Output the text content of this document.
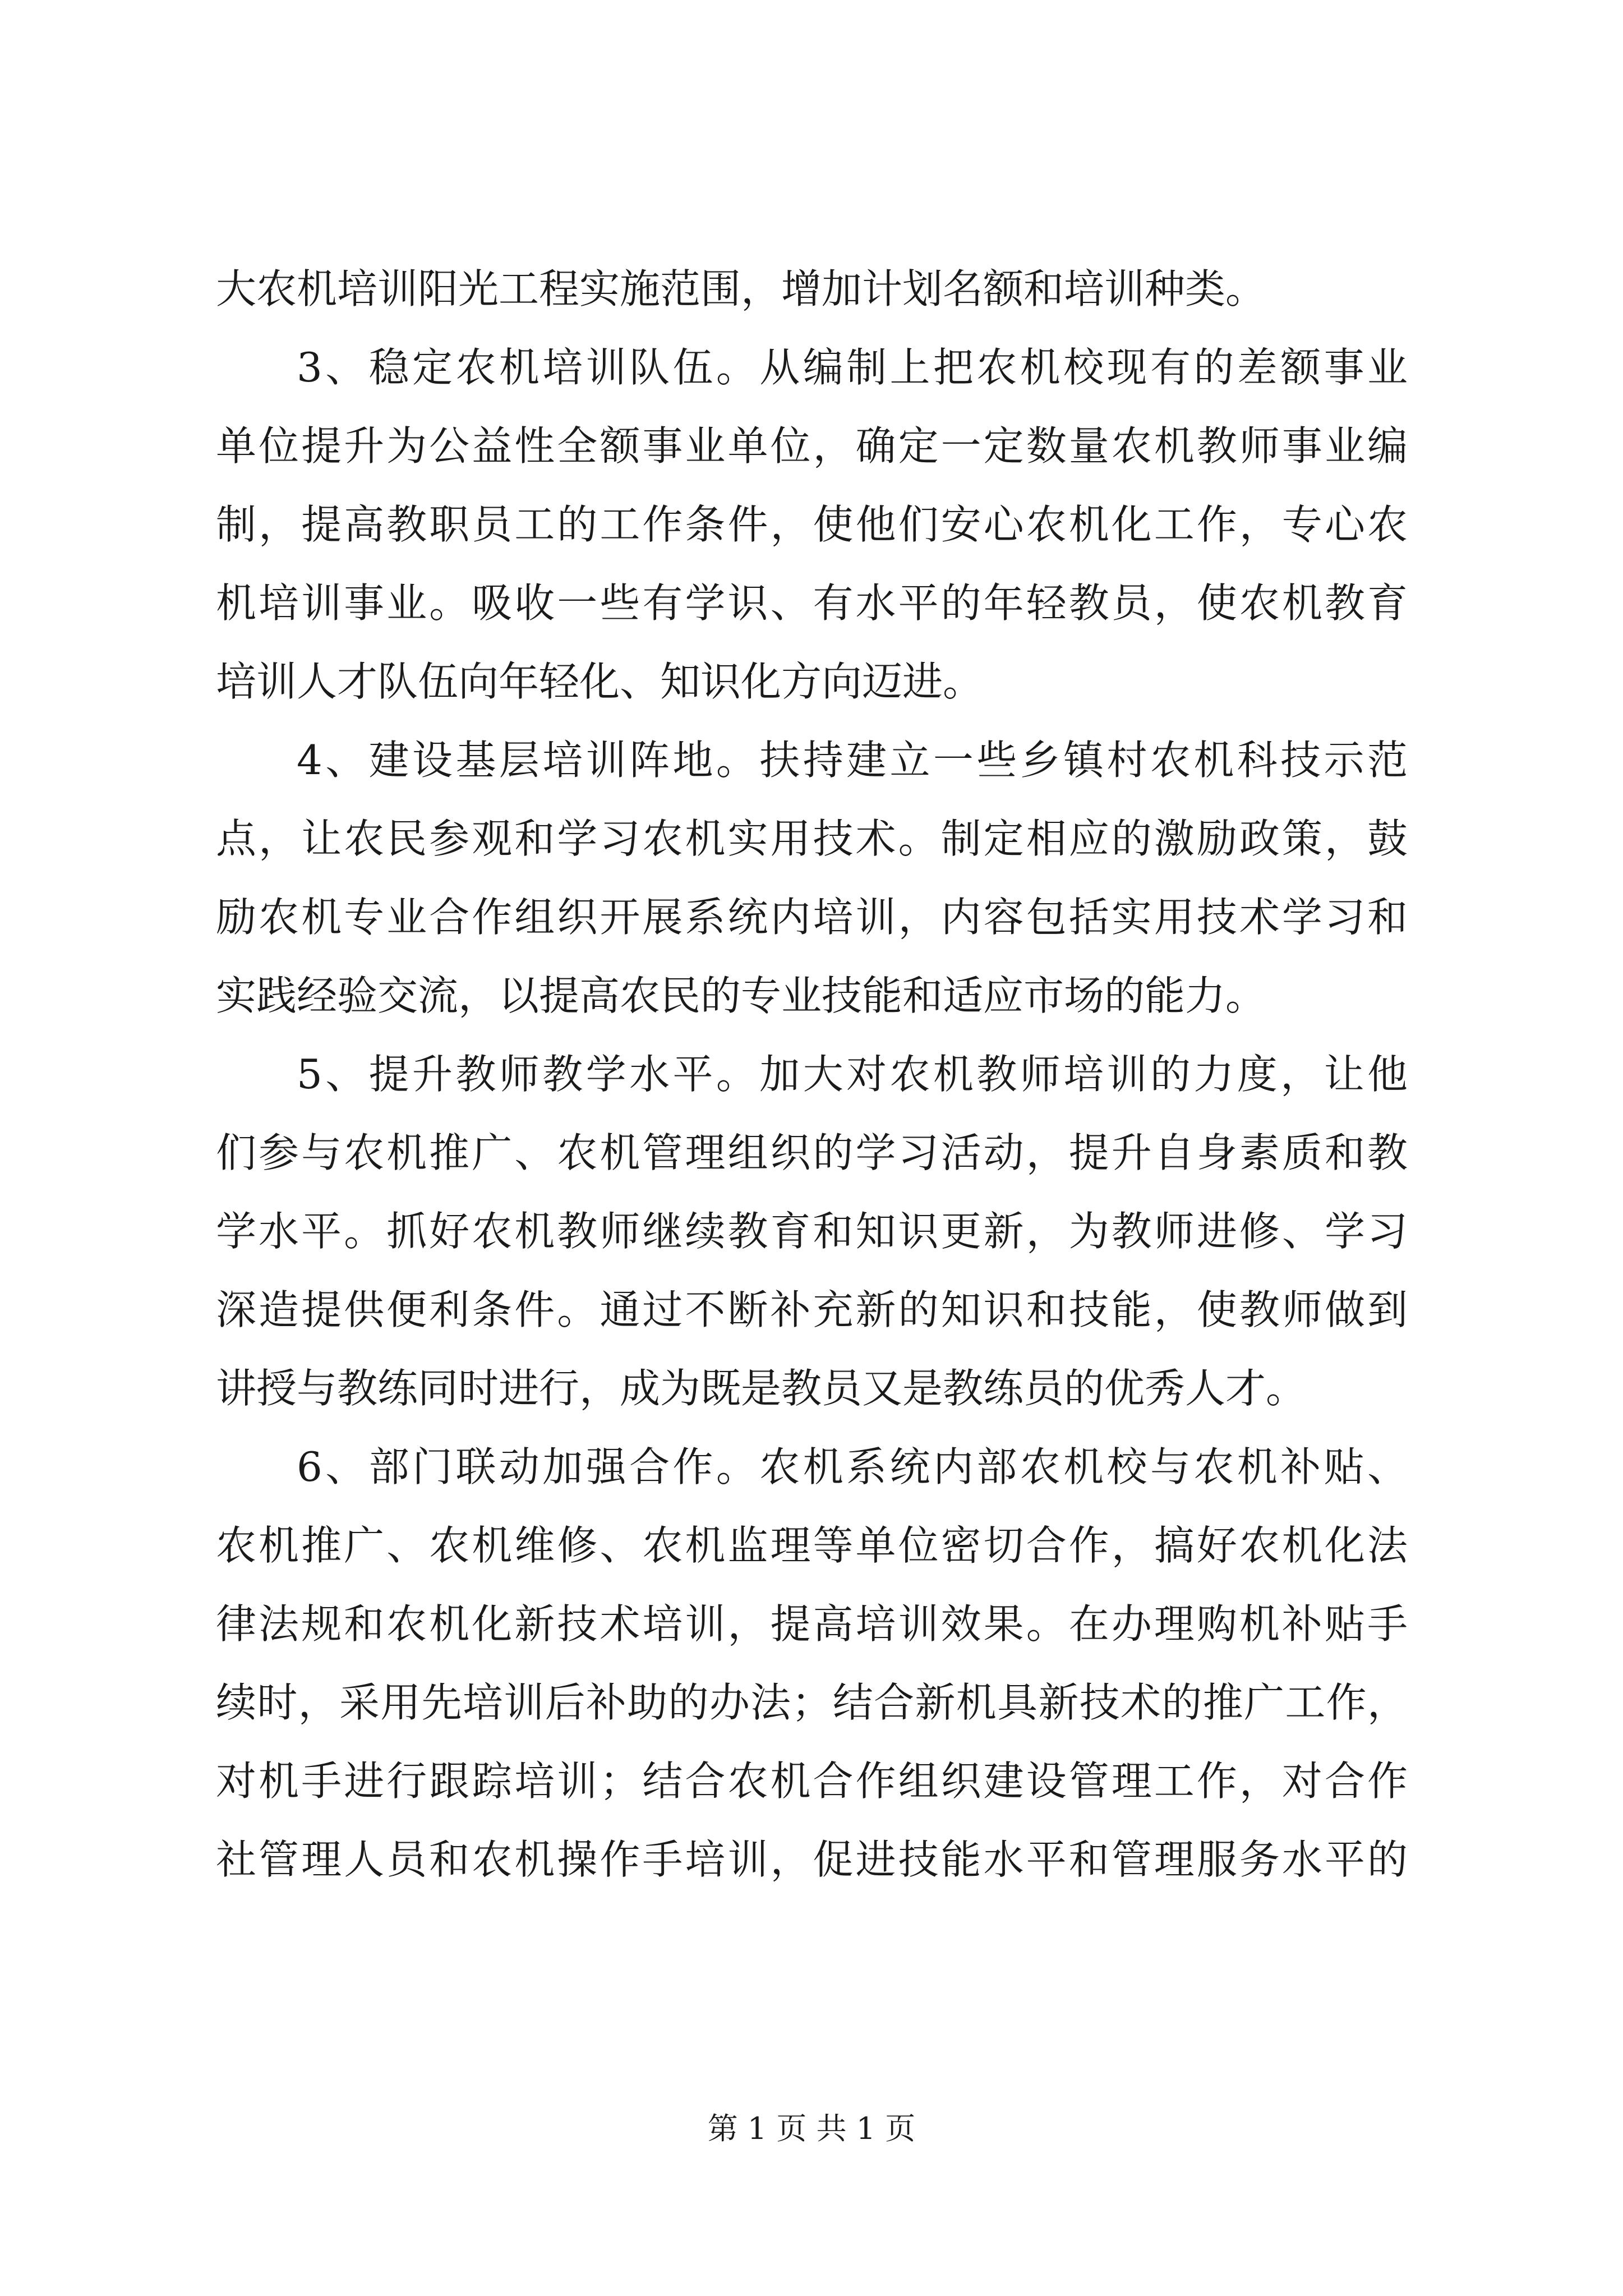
大农机培训阳光工程实施范围，增加计划名额和培训种类。
3、稳定农机培训队伍。从编制上把农机校现有的差额事业
单位提升为公益性全额事业单位，确定一定数量农机教师事业编
制，提高教职员工的工作条件，使他们安心农机化工作，专心农
机培训事业。吸收一些有学识、有水平的年轻教员，使农机教育
培训人才队伍向年轻化、知识化方向迈进。
4、建设基层培训阵地。扶持建立一些乡镇村农机科技示范
点，让农民参观和学习农机实用技术。制定相应的激励政策，鼓
励农机专业合作组织开展系统内培训，内容包括实用技术学习和
实践经验交流，以提高农民的专业技能和适应市场的能力。
5、提升教师教学水平。加大对农机教师培训的力度，让他
们参与农机推广、农机管理组织的学习活动，提升自身素质和教
学水平。抓好农机教师继续教育和知识更新，为教师进修、学习
深造提供便利条件。通过不断补充新的知识和技能，使教师做到
讲授与教练同时进行，成为既是教员又是教练员的优秀人才。
6、部门联动加强合作。农机系统内部农机校与农机补贴、
农机推广、农机维修、农机监理等单位密切合作，搞好农机化法
律法规和农机化新技术培训，提高培训效果。在办理购机补贴手
续时，采用先培训后补助的办法；结合新机具新技术的推广工作，
对机手进行跟踪培训；结合农机合作组织建设管理工作，对合作
社管理人员和农机操作手培训，促进技能水平和管理服务水平的
第 1 页 共 1 页
